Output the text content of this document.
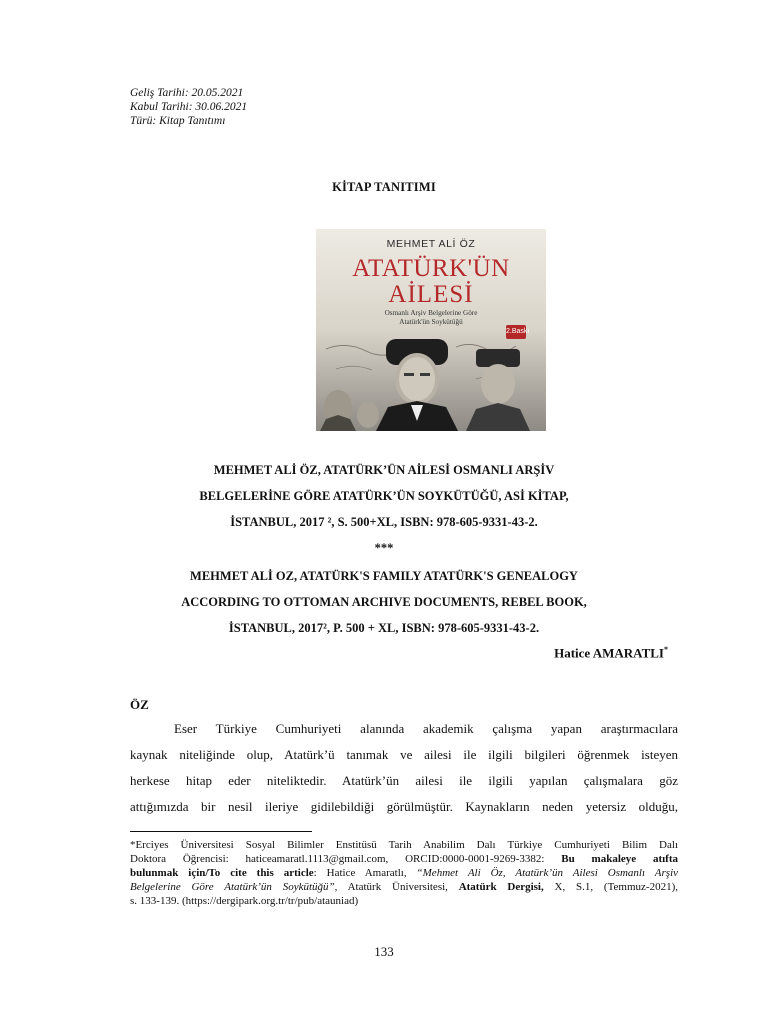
Geliş Tarihi: 20.05.2021
Kabul Tarihi: 30.06.2021
Türü: Kitap Tanıtımı
KİTAP TANITIMI
MEHMET ALİ ÖZ
ATATÜRK'ÜN
AİLESİ
Osmanlı Arşiv Belgelerine Göre
Atatürk'ün Soykütüğü
2.Baskı
MEHMET ALİ ÖZ, ATATÜRK’ÜN AİLESİ OSMANLI ARŞİV
BELGELERİNE GÖRE ATATÜRK’ÜN SOYKÜTÜĞÜ, ASİ KİTAP,
İSTANBUL, 2017 ², S. 500+XL, ISBN: 978-605-9331-43-2.
***
MEHMET ALİ OZ, ATATÜRK'S FAMILY ATATÜRK'S GENEALOGY
ACCORDING TO OTTOMAN ARCHIVE DOCUMENTS, REBEL BOOK,
İSTANBUL, 2017², P. 500 + XL, ISBN: 978-605-9331-43-2.
Hatice AMARATLI*
ÖZ
Eser Türkiye Cumhuriyeti alanında akademik çalışma yapan araştırmacılara
kaynak niteliğinde olup, Atatürk’ü tanımak ve ailesi ile ilgili bilgileri öğrenmek isteyen
herkese hitap eder niteliktedir. Atatürk’ün ailesi ile ilgili yapılan çalışmalara göz
attığımızda bir nesil ileriye gidilebildiği görülmüştür. Kaynakların neden yetersiz olduğu,
*Erciyes Üniversitesi Sosyal Bilimler Enstitüsü Tarih Anabilim Dalı Türkiye Cumhuriyeti Bilim Dalı
Doktora Öğrencisi: haticeamaratl.1113@gmail.com, ORCID:0000-0001-9269-3382: Bu makaleye atıfta
bulunmak için/To cite this article: Hatice Amaratlı, “Mehmet Ali Öz, Atatürk’ün Ailesi Osmanlı Arşiv
Belgelerine Göre Atatürk’ün Soykütüğü”, Atatürk Üniversitesi, Atatürk Dergisi, X, S.1, (Temmuz-2021),
s. 133-139. (https://dergipark.org.tr/tr/pub/atauniad)
133
